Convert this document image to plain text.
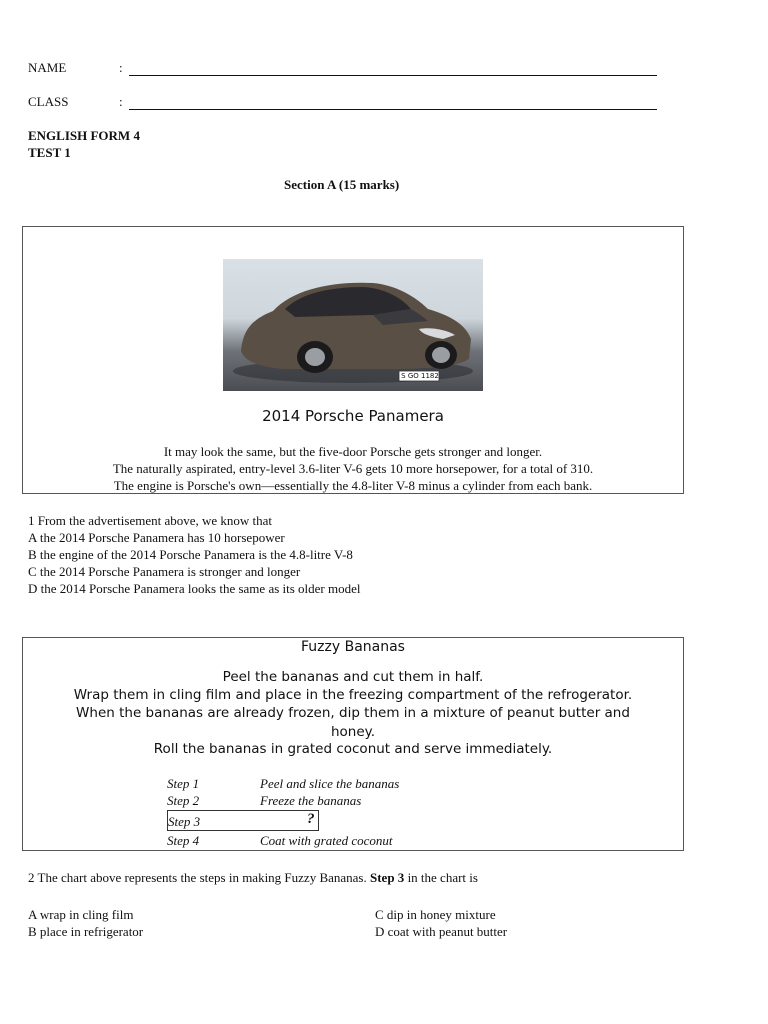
NAME	:
CLASS	:
ENGLISH FORM 4
TEST 1
Section A (15 marks)
S GO 1182
2014 Porsche Panamera
It may look the same, but the five-door Porsche gets stronger and longer.
The naturally aspirated, entry-level 3.6-liter V-6 gets 10 more horsepower, for a total of 310.
The engine is Porsche's own—essentially the 4.8-liter V-8 minus a cylinder from each bank.
1 From the advertisement above, we know that
A the 2014 Porsche Panamera has 10 horsepower
B the engine of the 2014 Porsche Panamera is the 4.8-litre V-8
C the 2014 Porsche Panamera is stronger and longer
D the 2014 Porsche Panamera looks the same as its older model
Fuzzy Bananas
Peel the bananas and cut them in half.
Wrap them in cling film and place in the freezing compartment of the refrogerator.
When the bananas are already frozen, dip them in a mixture of peanut butter and
honey.
Roll the bananas in grated coconut and serve immediately.
Step 1	Peel and slice the bananas
Step 2	Freeze the bananas
Step 3	?
Step 4	Coat with grated coconut
2 The chart above represents the steps in making Fuzzy Bananas. Step 3 in the chart is
A wrap in cling film
B place in refrigerator
C dip in honey mixture
D coat with peanut butter
